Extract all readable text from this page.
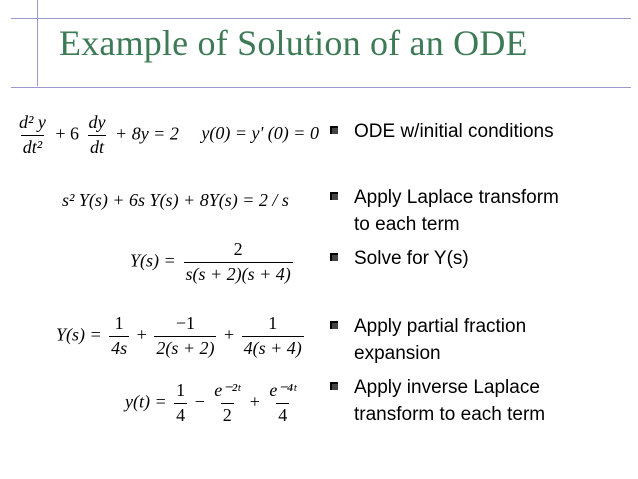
Example of Solution of an ODE
$\frac{\text{d² y}}{\text{dt²}} + 6 \frac{dy}{dt} + 8y = 2$ y(0) = y' (0) = 0
s² Y(s) + 6s Y(s) + 8Y(s) = 2 / s
$Y(s) = \frac{2}{s(s + 2)(s + 4)}$
$Y(s) = \frac{1}{4s} + \frac{-1}{2(s + 2)} + \frac{1}{4(s + 4)}$
$y(t) = \frac{1}{4} - \frac{\text{e⁻²ᵗ}}{2} + \frac{\text{e⁻⁴ᵗ}}{4}$
ODE w/initial conditions
Apply Laplace transform
to each term
Solve for Y(s)
Apply partial fraction
expansion
Apply inverse Laplace
transform to each term
